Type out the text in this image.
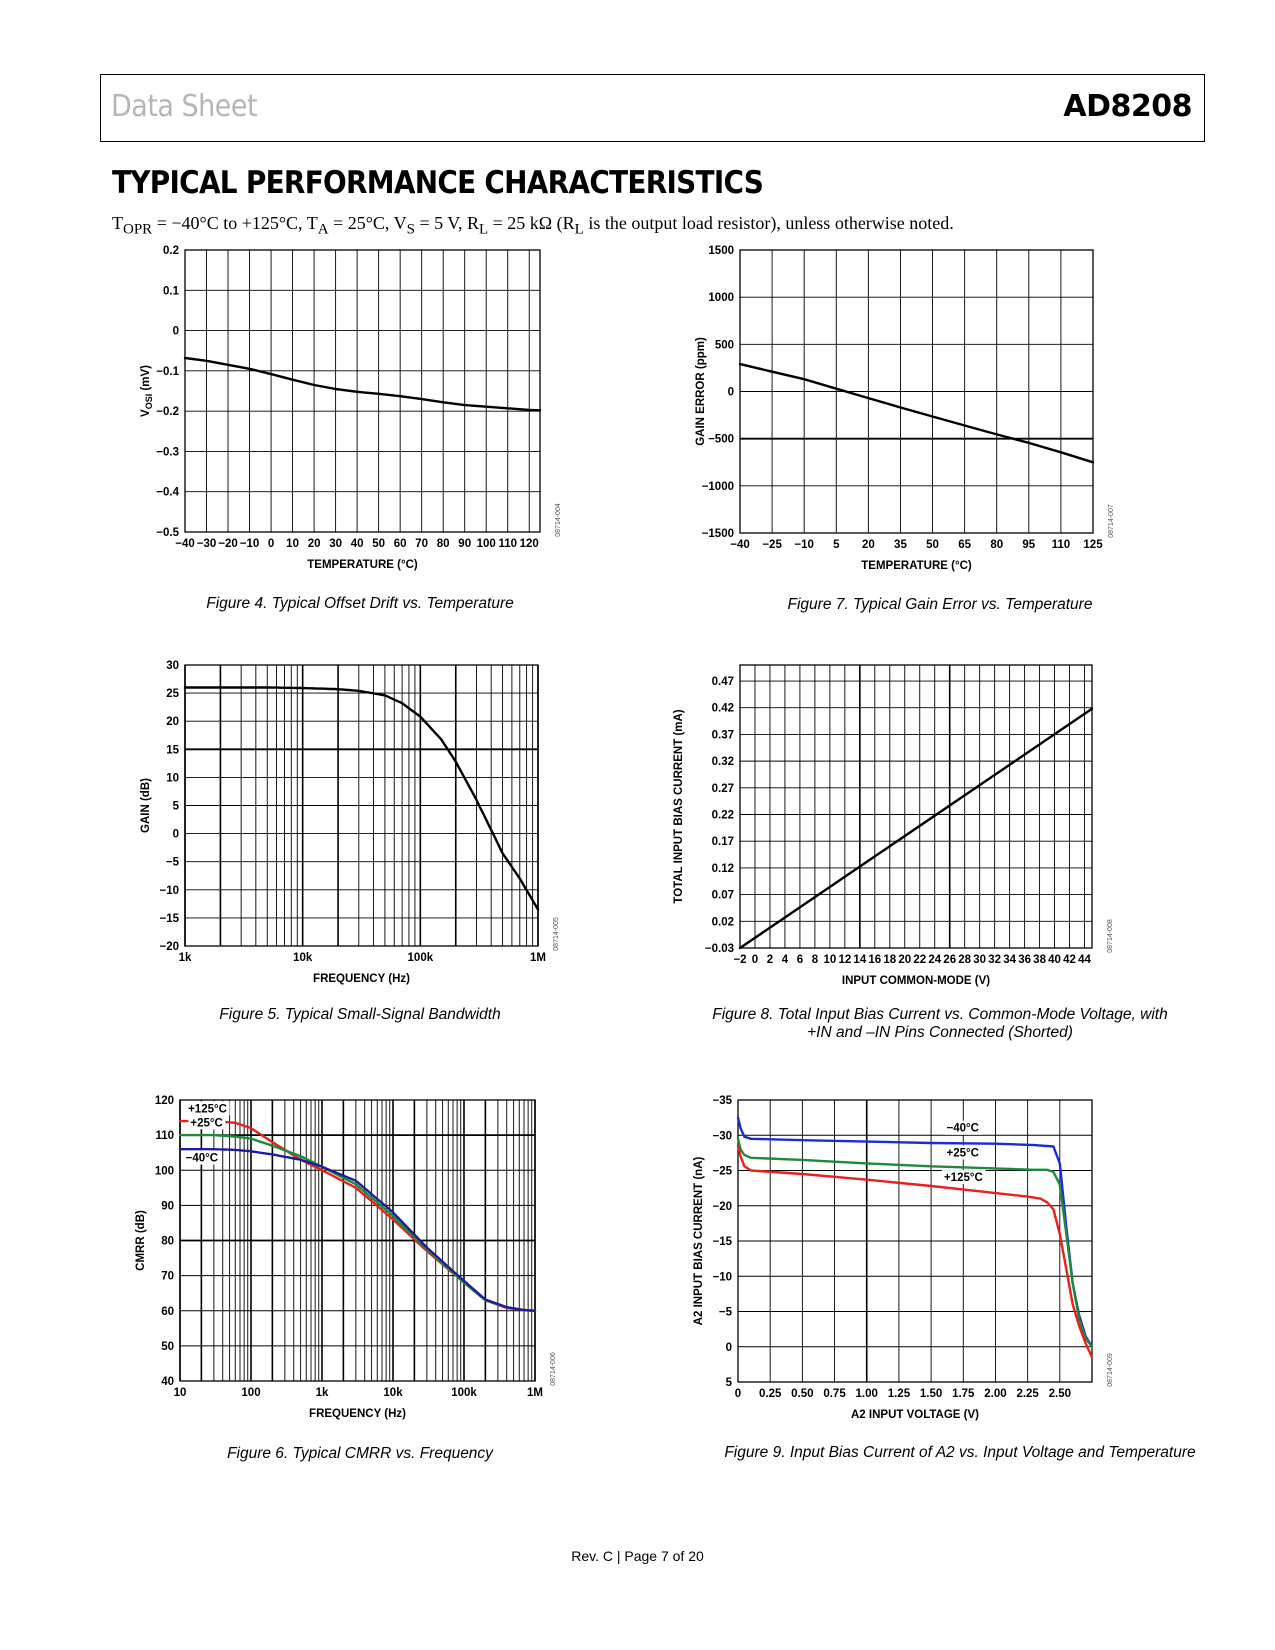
Data Sheet	AD8208
TYPICAL PERFORMANCE CHARACTERISTICS
$T_{OPR} = -40^\circ C$ to +125°C, $T_A = 25^\circ C$, $V_S = 5$ V, $R_L = 25$ kΩ ($R_L$ is the output load resistor), unless otherwise noted.
−0.5
−0.4
−0.3
−0.2
−0.1
0
0.1
0.2
−40 −30 −20 −10 0 10 20 30 40 50 60 70 80 90 100 110 120
TEMPERATURE (°C)
$V_{OSI}$ (mV)
08714-004
Figure 4. Typical Offset Drift vs. Temperature
−1500
−1000
−500
0
500
1000
1500
−40 −25 −10 5 20 35 50 65 80 95 110 125
TEMPERATURE (°C)
GAIN ERROR (ppm)
08714-007
Figure 7. Typical Gain Error vs. Temperature
−20
−15
−10
−5
0
5
10
15
20
25
30
1k	10k	100k	1M
FREQUENCY (Hz)
GAIN (dB)
08714-005
Figure 5. Typical Small-Signal Bandwidth
−0.03
0.02
0.07
0.12
0.17
0.22
0.27
0.32
0.37
0.42
0.47
−2 0 2 4 6 8 10 12 14 16 18 20 22 24 26 28 30 32 34 36 38 40 42 44
INPUT COMMON-MODE (V)
TOTAL INPUT BIAS CURRENT (mA)
08714-008
Figure 8. Total Input Bias Current vs. Common-Mode Voltage, with +IN and –IN Pins Connected (Shorted)
40
50
60
70
80
90
100
110
120
10	100	1k	10k	100k	1M
FREQUENCY (Hz)
CMRR (dB)
08714-006
+125°C
+25°C
−40°C
Figure 6. Typical CMRR vs. Frequency
−35
−30
−25
−20
−15
−10
−5
0
5
0 0.25 0.50 0.75 1.00 1.25 1.50 1.75 2.00 2.25 2.50
A2 INPUT VOLTAGE (V)
A2 INPUT BIAS CURRENT (nA)
08714-009
−40°C
+25°C
+125°C
Figure 9. Input Bias Current of A2 vs. Input Voltage and Temperature
Rev. C | Page 7 of 20
